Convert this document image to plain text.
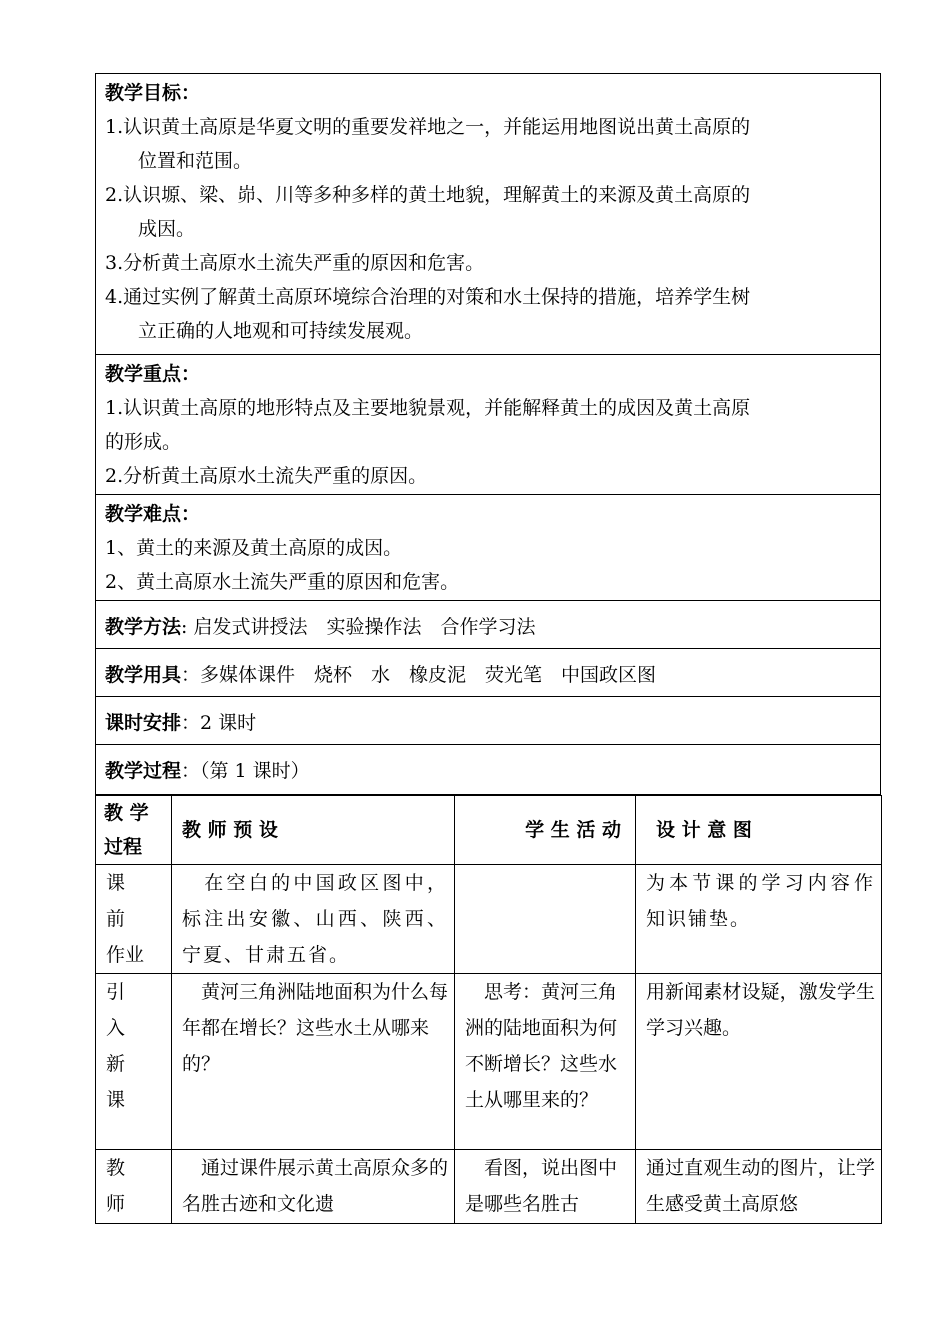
教学目标：
1.认识黄土高原是华夏文明的重要发祥地之一，并能运用地图说出黄土高原的
位置和范围。
2.认识塬、梁、峁、川等多种多样的黄土地貌，理解黄土的来源及黄土高原的
成因。
3.分析黄土高原水土流失严重的原因和危害。
4.通过实例了解黄土高原环境综合治理的对策和水土保持的措施，培养学生树
立正确的人地观和可持续发展观。
教学重点：
1.认识黄土高原的地形特点及主要地貌景观，并能解释黄土的成因及黄土高原
的形成。
2.分析黄土高原水土流失严重的原因。
教学难点：
1、黄土的来源及黄土高原的成因。
2、黄土高原水土流失严重的原因和危害。
教学方法: 启发式讲授法　实验操作法　合作学习法
教学用具：多媒体课件　烧杯　水　橡皮泥　荧光笔　中国政区图
课时安排：2 课时
教学过程：（第 1 课时）
教 学
过程	教 师 预 设	学 生 活 动	设 计 意 图
课
前
作业	　在空白的中国政区图中，标注出安徽、山西、陕西、宁夏、甘肃五省。		为本节课的学习内容作知识铺垫。
引
入
新
课	　黄河三角洲陆地面积为什么每年都在增长？这些水土从哪来的？	　思考：黄河三角洲的陆地面积为何不断增长？这些水土从哪里来的？	用新闻素材设疑，激发学生学习兴趣。
教
师	　通过课件展示黄土高原众多的名胜古迹和文化遗	　看图，说出图中是哪些名胜古	通过直观生动的图片，让学生感受黄土高原悠
